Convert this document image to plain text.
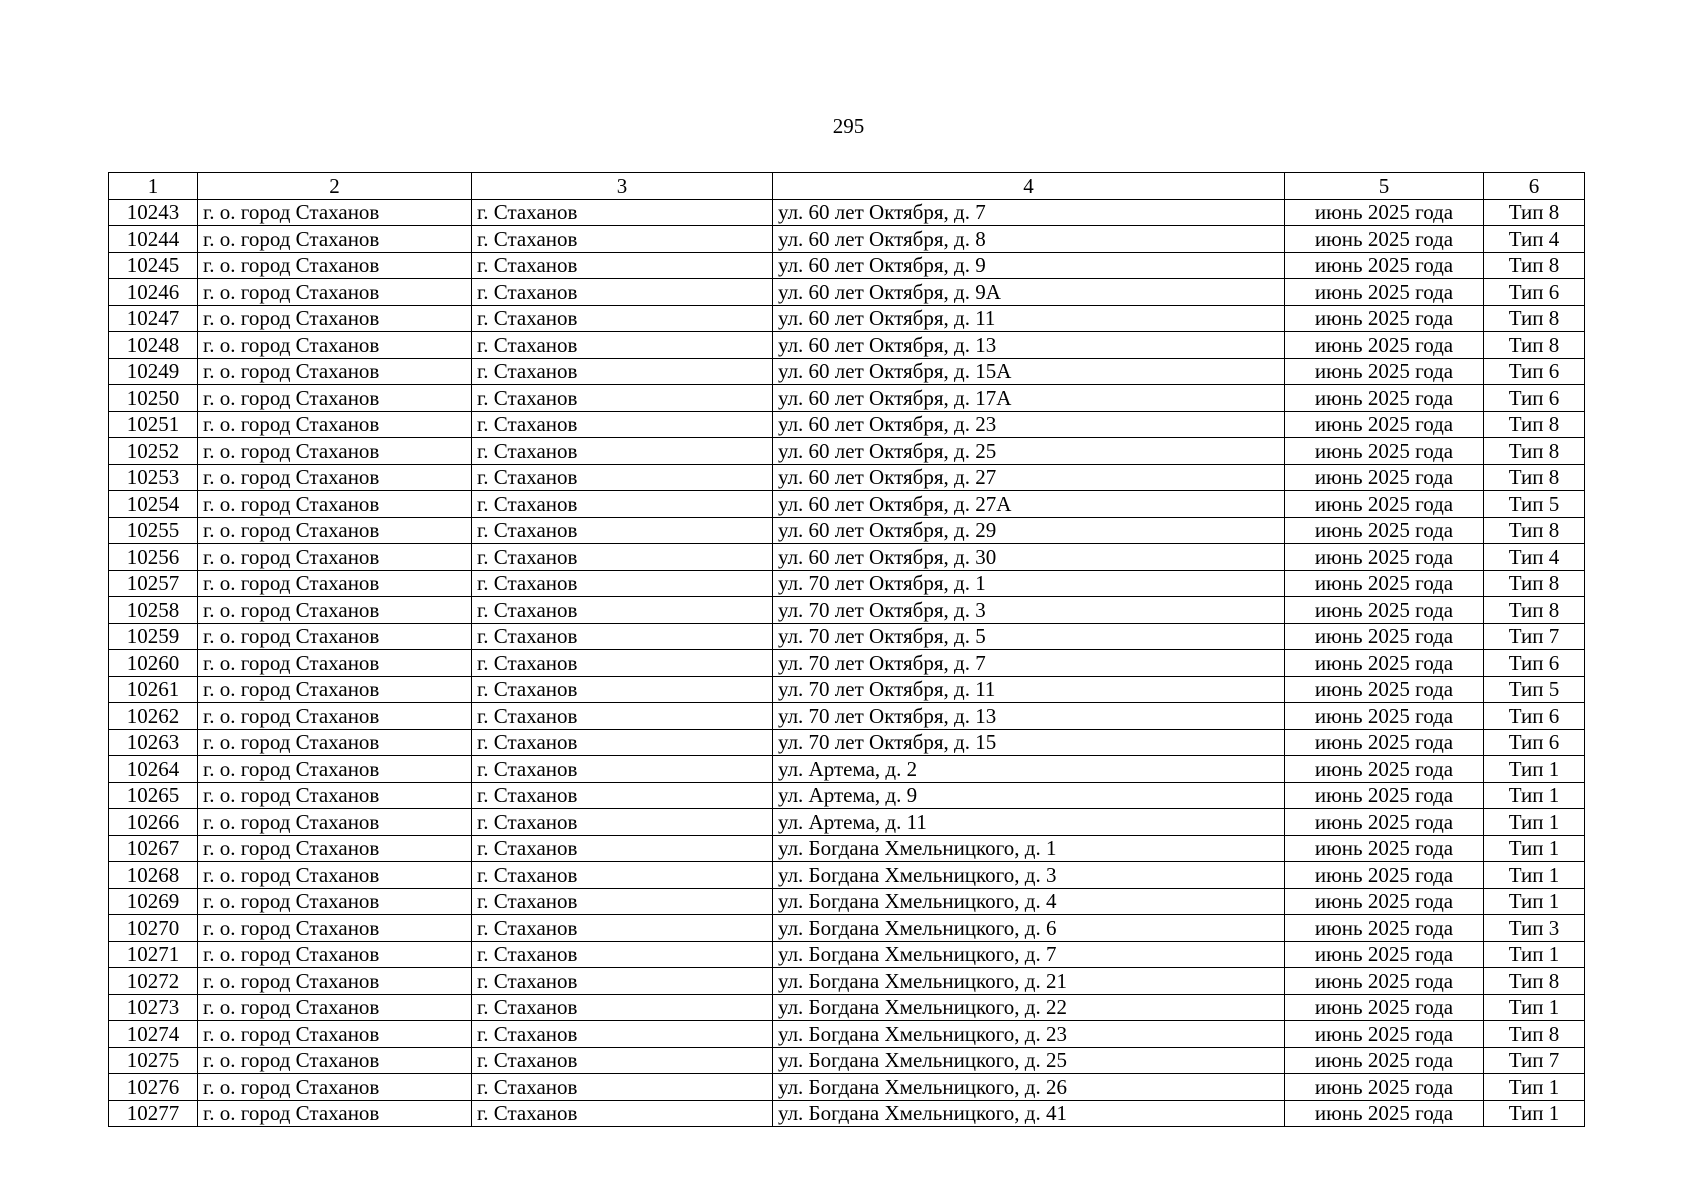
295
1	2	3	4	5	6
10243	г. о. город Стаханов	г. Стаханов	ул. 60 лет Октября, д. 7	июнь 2025 года	Тип 8
10244	г. о. город Стаханов	г. Стаханов	ул. 60 лет Октября, д. 8	июнь 2025 года	Тип 4
10245	г. о. город Стаханов	г. Стаханов	ул. 60 лет Октября, д. 9	июнь 2025 года	Тип 8
10246	г. о. город Стаханов	г. Стаханов	ул. 60 лет Октября, д. 9А	июнь 2025 года	Тип 6
10247	г. о. город Стаханов	г. Стаханов	ул. 60 лет Октября, д. 11	июнь 2025 года	Тип 8
10248	г. о. город Стаханов	г. Стаханов	ул. 60 лет Октября, д. 13	июнь 2025 года	Тип 8
10249	г. о. город Стаханов	г. Стаханов	ул. 60 лет Октября, д. 15А	июнь 2025 года	Тип 6
10250	г. о. город Стаханов	г. Стаханов	ул. 60 лет Октября, д. 17А	июнь 2025 года	Тип 6
10251	г. о. город Стаханов	г. Стаханов	ул. 60 лет Октября, д. 23	июнь 2025 года	Тип 8
10252	г. о. город Стаханов	г. Стаханов	ул. 60 лет Октября, д. 25	июнь 2025 года	Тип 8
10253	г. о. город Стаханов	г. Стаханов	ул. 60 лет Октября, д. 27	июнь 2025 года	Тип 8
10254	г. о. город Стаханов	г. Стаханов	ул. 60 лет Октября, д. 27А	июнь 2025 года	Тип 5
10255	г. о. город Стаханов	г. Стаханов	ул. 60 лет Октября, д. 29	июнь 2025 года	Тип 8
10256	г. о. город Стаханов	г. Стаханов	ул. 60 лет Октября, д. 30	июнь 2025 года	Тип 4
10257	г. о. город Стаханов	г. Стаханов	ул. 70 лет Октября, д. 1	июнь 2025 года	Тип 8
10258	г. о. город Стаханов	г. Стаханов	ул. 70 лет Октября, д. 3	июнь 2025 года	Тип 8
10259	г. о. город Стаханов	г. Стаханов	ул. 70 лет Октября, д. 5	июнь 2025 года	Тип 7
10260	г. о. город Стаханов	г. Стаханов	ул. 70 лет Октября, д. 7	июнь 2025 года	Тип 6
10261	г. о. город Стаханов	г. Стаханов	ул. 70 лет Октября, д. 11	июнь 2025 года	Тип 5
10262	г. о. город Стаханов	г. Стаханов	ул. 70 лет Октября, д. 13	июнь 2025 года	Тип 6
10263	г. о. город Стаханов	г. Стаханов	ул. 70 лет Октября, д. 15	июнь 2025 года	Тип 6
10264	г. о. город Стаханов	г. Стаханов	ул. Артема, д. 2	июнь 2025 года	Тип 1
10265	г. о. город Стаханов	г. Стаханов	ул. Артема, д. 9	июнь 2025 года	Тип 1
10266	г. о. город Стаханов	г. Стаханов	ул. Артема, д. 11	июнь 2025 года	Тип 1
10267	г. о. город Стаханов	г. Стаханов	ул. Богдана Хмельницкого, д. 1	июнь 2025 года	Тип 1
10268	г. о. город Стаханов	г. Стаханов	ул. Богдана Хмельницкого, д. 3	июнь 2025 года	Тип 1
10269	г. о. город Стаханов	г. Стаханов	ул. Богдана Хмельницкого, д. 4	июнь 2025 года	Тип 1
10270	г. о. город Стаханов	г. Стаханов	ул. Богдана Хмельницкого, д. 6	июнь 2025 года	Тип 3
10271	г. о. город Стаханов	г. Стаханов	ул. Богдана Хмельницкого, д. 7	июнь 2025 года	Тип 1
10272	г. о. город Стаханов	г. Стаханов	ул. Богдана Хмельницкого, д. 21	июнь 2025 года	Тип 8
10273	г. о. город Стаханов	г. Стаханов	ул. Богдана Хмельницкого, д. 22	июнь 2025 года	Тип 1
10274	г. о. город Стаханов	г. Стаханов	ул. Богдана Хмельницкого, д. 23	июнь 2025 года	Тип 8
10275	г. о. город Стаханов	г. Стаханов	ул. Богдана Хмельницкого, д. 25	июнь 2025 года	Тип 7
10276	г. о. город Стаханов	г. Стаханов	ул. Богдана Хмельницкого, д. 26	июнь 2025 года	Тип 1
10277	г. о. город Стаханов	г. Стаханов	ул. Богдана Хмельницкого, д. 41	июнь 2025 года	Тип 1
